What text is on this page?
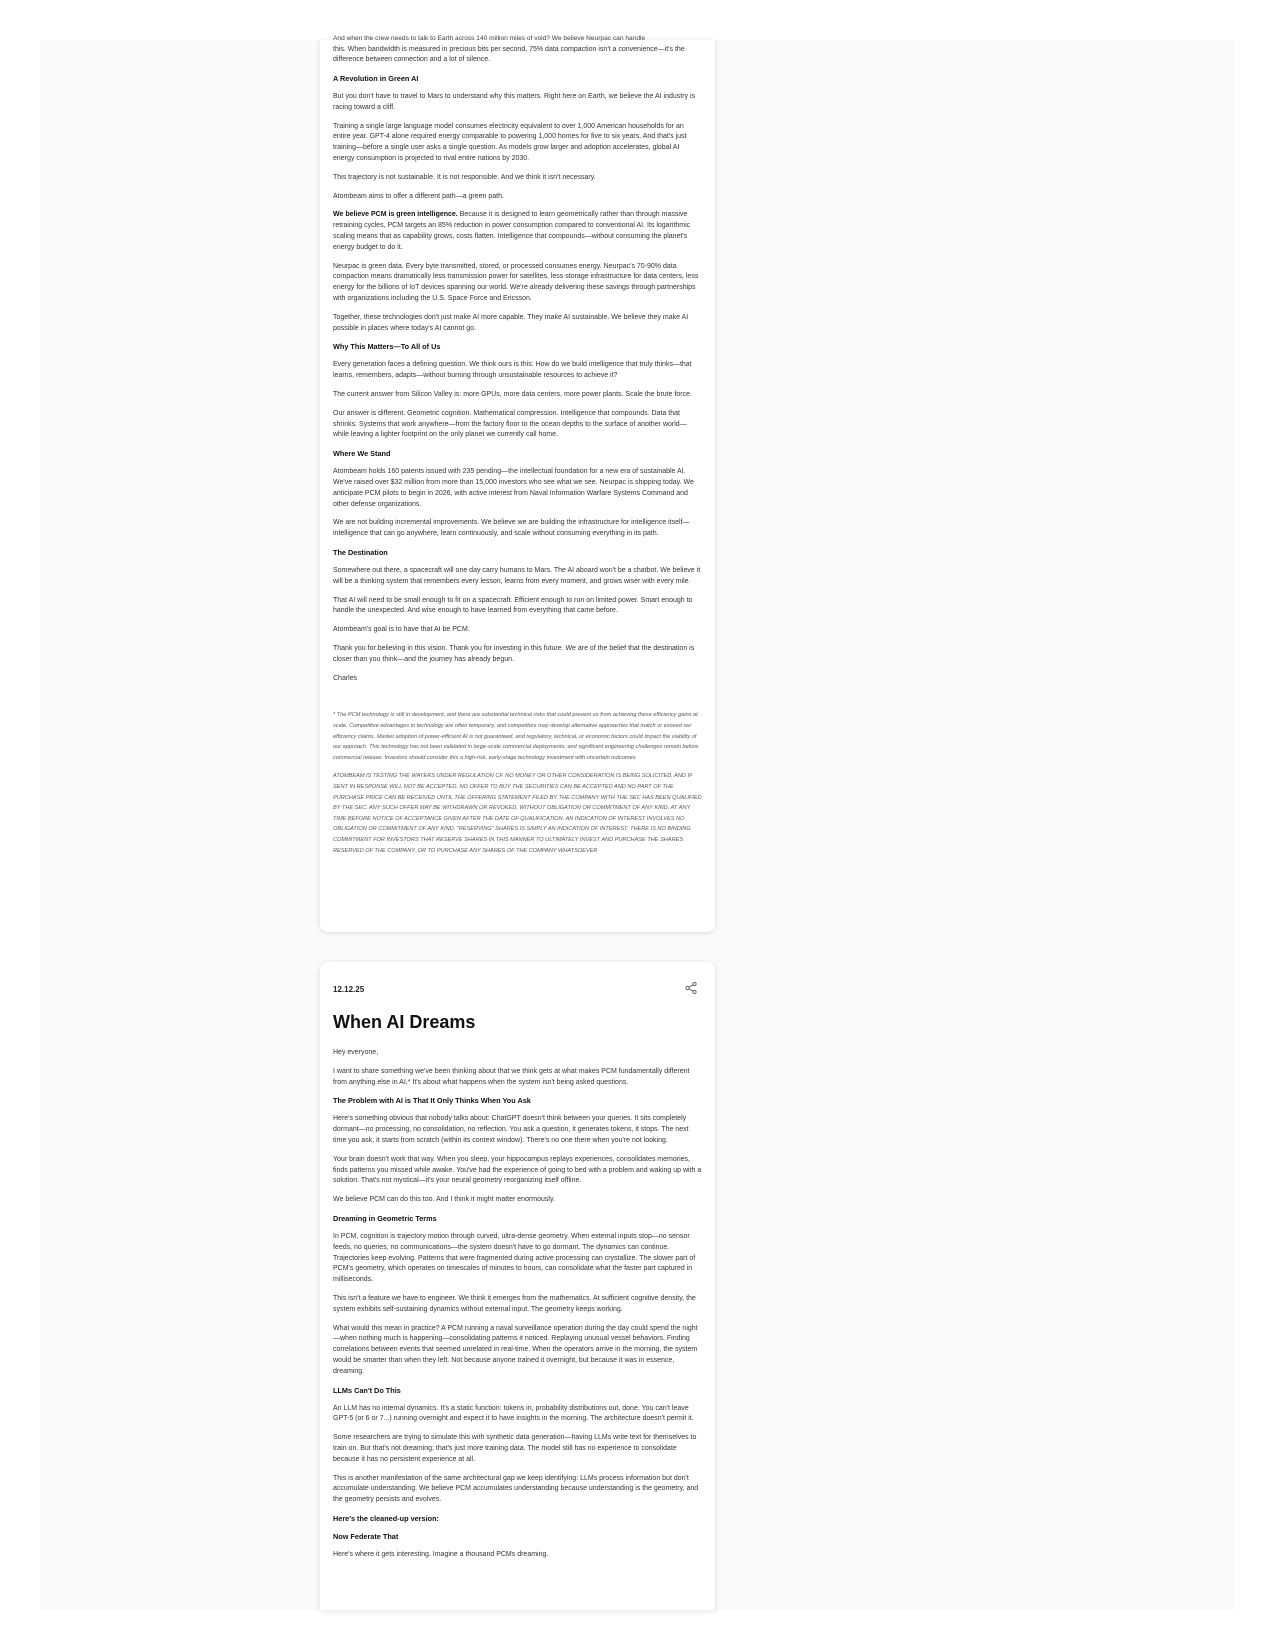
And when the crew needs to talk to Earth across 140 million miles of void? We believe Neurpac can handle

this. When bandwidth is measured in precious bits per second, 75% data compaction isn't a convenience—it's the difference between connection and a lot of silence.

A Revolution in Green AI

But you don't have to travel to Mars to understand why this matters. Right here on Earth, we believe the AI industry is racing toward a cliff.

Training a single large language model consumes electricity equivalent to over 1,000 American households for an entire year. GPT-4 alone required energy comparable to powering 1,000 homes for five to six years. And that's just training—before a single user asks a single question. As models grow larger and adoption accelerates, global AI energy consumption is projected to rival entire nations by 2030.

This trajectory is not sustainable. It is not responsible. And we think it isn't necessary.

Atombeam aims to offer a different path—a green path.

We believe PCM is green intelligence. Because it is designed to learn geometrically rather than through massive retraining cycles, PCM targets an 85% reduction in power consumption compared to conventional AI. Its logarithmic scaling means that as capability grows, costs flatten. Intelligence that compounds—without consuming the planet's energy budget to do it.

Neurpac is green data. Every byte transmitted, stored, or processed consumes energy. Neurpac's 70-90% data compaction means dramatically less transmission power for satellites, less storage infrastructure for data centers, less energy for the billions of IoT devices spanning our world. We're already delivering these savings through partnerships with organizations including the U.S. Space Force and Ericsson.

Together, these technologies don't just make AI more capable. They make AI sustainable. We believe they make AI possible in places where today's AI cannot go.

Why This Matters—To All of Us

Every generation faces a defining question. We think ours is this: How do we build intelligence that truly thinks—that learns, remembers, adapts—without burning through unsustainable resources to achieve it?

The current answer from Silicon Valley is: more GPUs, more data centers, more power plants. Scale the brute force.

Our answer is different. Geometric cognition. Mathematical compression. Intelligence that compounds. Data that shrinks. Systems that work anywhere—from the factory floor to the ocean depths to the surface of another world—while leaving a lighter footprint on the only planet we currently call home.

Where We Stand

Atombeam holds 160 patents issued with 235 pending—the intellectual foundation for a new era of sustainable AI. We've raised over $32 million from more than 15,000 investors who see what we see. Neurpac is shipping today. We anticipate PCM pilots to begin in 2026, with active interest from Naval Information Warfare Systems Command and other defense organizations.

We are not building incremental improvements. We believe we are building the infrastructure for intelligence itself—intelligence that can go anywhere, learn continuously, and scale without consuming everything in its path.

The Destination

Somewhere out there, a spacecraft will one day carry humans to Mars. The AI aboard won't be a chatbot. We believe it will be a thinking system that remembers every lesson, learns from every moment, and grows wiser with every mile.

That AI will need to be small enough to fit on a spacecraft. Efficient enough to run on limited power. Smart enough to handle the unexpected. And wise enough to have learned from everything that came before.

Atombeam's goal is to have that AI be PCM.

Thank you for believing in this vision. Thank you for investing in this future. We are of the belief that the destination is closer than you think—and the journey has already begun.

Charles

* The PCM technology is still in development, and there are substantial technical risks that could prevent us from achieving these efficiency gains at scale. Competitive advantages in technology are often temporary, and competitors may develop alternative approaches that match or exceed our efficiency claims. Market adoption of power-efficient AI is not guaranteed, and regulatory, technical, or economic factors could impact the viability of our approach. This technology has not been validated in large-scale commercial deployments, and significant engineering challenges remain before commercial release. Investors should consider this a high-risk, early-stage technology investment with uncertain outcomes.

ATOMBEAM IS TESTING THE WATERS UNDER REGULATION CF. NO MONEY OR OTHER CONSIDERATION IS BEING SOLICITED, AND IF SENT IN RESPONSE WILL NOT BE ACCEPTED. NO OFFER TO BUY THE SECURITIES CAN BE ACCEPTED AND NO PART OF THE PURCHASE PRICE CAN BE RECEIVED UNTIL THE OFFERING STATEMENT FILED BY THE COMPANY WITH THE SEC HAS BEEN QUALIFIED BY THE SEC. ANY SUCH OFFER MAY BE WITHDRAWN OR REVOKED, WITHOUT OBLIGATION OR COMMITMENT OF ANY KIND, AT ANY TIME BEFORE NOTICE OF ACCEPTANCE GIVEN AFTER THE DATE OF QUALIFICATION. AN INDICATION OF INTEREST INVOLVES NO OBLIGATION OR COMMITMENT OF ANY KIND. "RESERVING" SHARES IS SIMPLY AN INDICATION OF INTEREST. THERE IS NO BINDING COMMITMENT FOR INVESTORS THAT RESERVE SHARES IN THIS MANNER TO ULTIMATELY INVEST AND PURCHASE THE SHARES RESERVED OF THE COMPANY, OR TO PURCHASE ANY SHARES OF THE COMPANY WHATSOEVER

12.12.25
When AI Dreams

Hey everyone,

I want to share something we've been thinking about that we think gets at what makes PCM fundamentally different from anything else in AI.* It's about what happens when the system isn't being asked questions.

The Problem with AI is That It Only Thinks When You Ask

Here's something obvious that nobody talks about: ChatGPT doesn't think between your queries. It sits completely dormant—no processing, no consolidation, no reflection. You ask a question, it generates tokens, it stops. The next time you ask, it starts from scratch (within its context window). There's no one there when you're not looking.

Your brain doesn't work that way. When you sleep, your hippocampus replays experiences, consolidates memories, finds patterns you missed while awake. You've had the experience of going to bed with a problem and waking up with a solution. That's not mystical—it's your neural geometry reorganizing itself offline.

We believe PCM can do this too. And I think it might matter enormously.

Dreaming in Geometric Terms

In PCM, cognition is trajectory motion through curved, ultra-dense geometry. When external inputs stop—no sensor feeds, no queries, no communications—the system doesn't have to go dormant. The dynamics can continue. Trajectories keep evolving. Patterns that were fragmented during active processing can crystallize. The slower part of PCM's geometry, which operates on timescales of minutes to hours, can consolidate what the faster part captured in milliseconds.

This isn't a feature we have to engineer. We think it emerges from the mathematics. At sufficient cognitive density, the system exhibits self-sustaining dynamics without external input. The geometry keeps working.

What would this mean in practice? A PCM running a naval surveillance operation during the day could spend the night—when nothing much is happening—consolidating patterns it noticed. Replaying unusual vessel behaviors. Finding correlations between events that seemed unrelated in real-time. When the operators arrive in the morning, the system would be smarter than when they left. Not because anyone trained it overnight, but because it was in essence, dreaming.

LLMs Can't Do This

An LLM has no internal dynamics. It's a static function: tokens in, probability distributions out, done. You can't leave GPT-5 (or 6 or 7...) running overnight and expect it to have insights in the morning. The architecture doesn't permit it.

Some researchers are trying to simulate this with synthetic data generation—having LLMs write text for themselves to train on. But that's not dreaming; that's just more training data. The model still has no experience to consolidate because it has no persistent experience at all.

This is another manifestation of the same architectural gap we keep identifying: LLMs process information but don't accumulate understanding. We believe PCM accumulates understanding because understanding is the geometry, and the geometry persists and evolves.

Here's the cleaned-up version:

Now Federate That

Here's where it gets interesting. Imagine a thousand PCMs dreaming.
